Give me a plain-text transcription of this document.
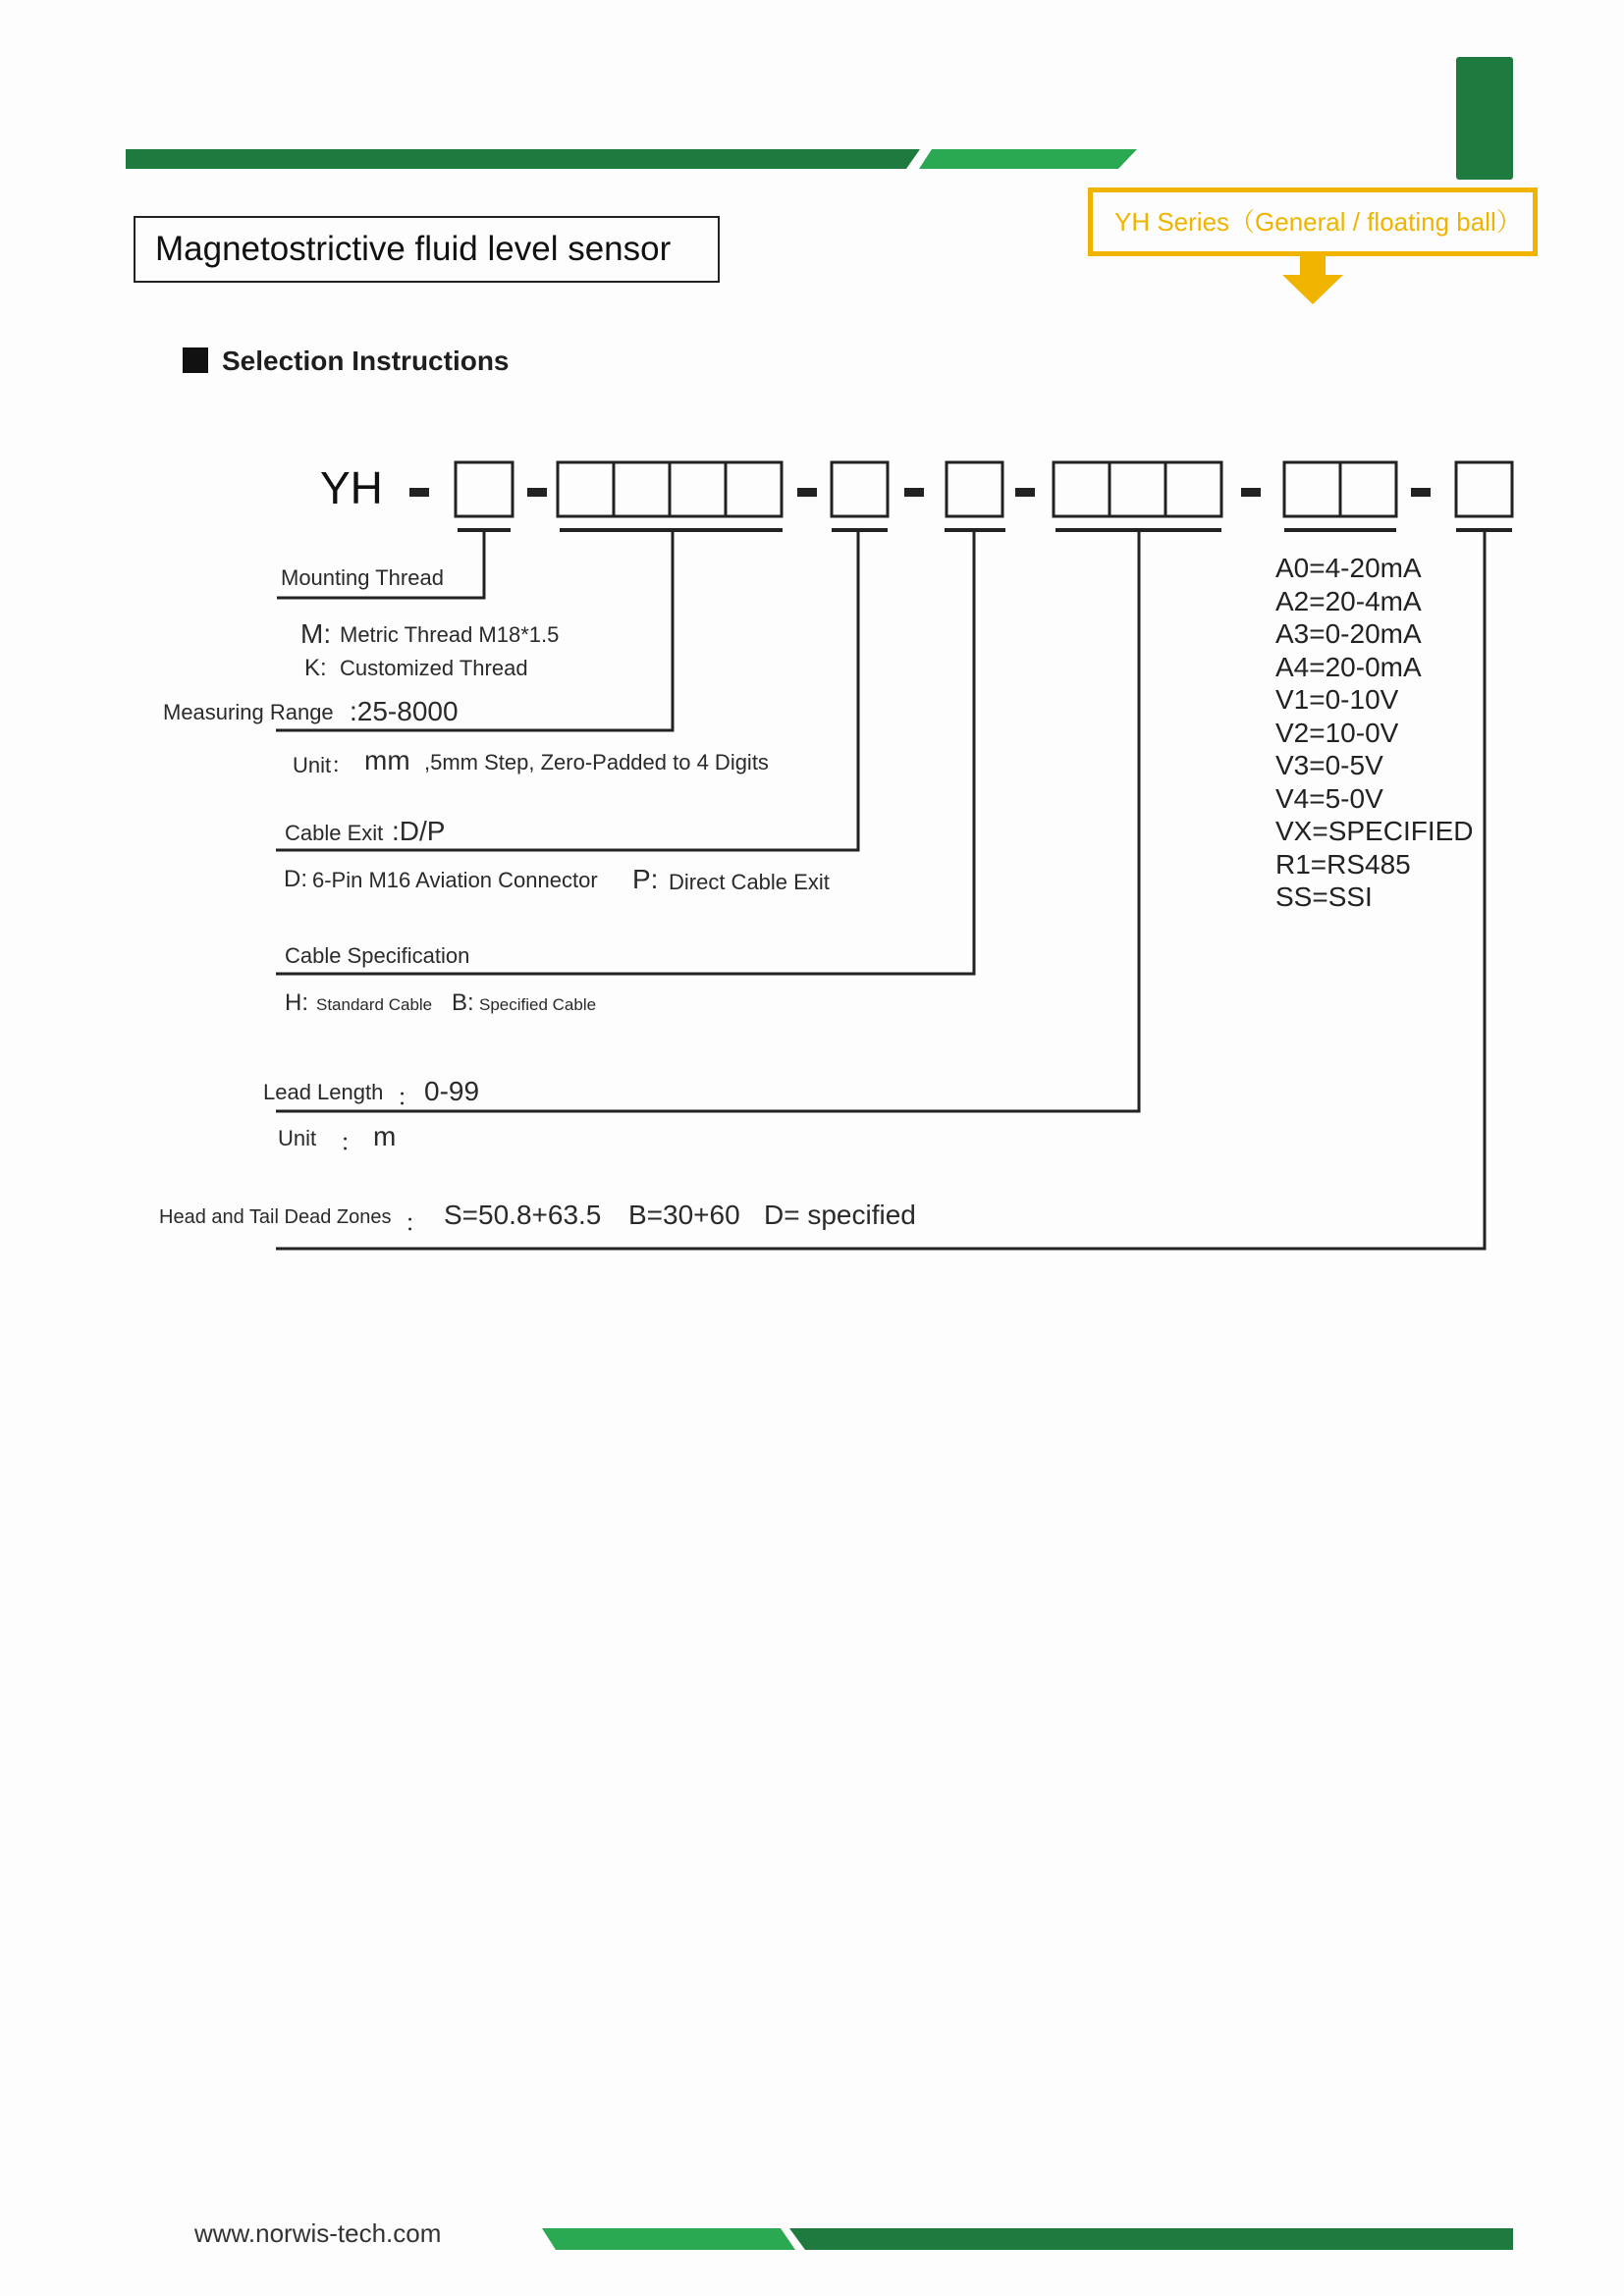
Magnetostrictive fluid level sensor
YH Series（General / floating ball）
Selection Instructions
YH
Mounting Thread
M: Metric Thread M18*1.5
K: Customized Thread
Measuring Range :25-8000
Unit： mm ,5mm Step, Zero-Padded to 4 Digits
Cable Exit :D/P
D: 6-Pin M16 Aviation Connector P: Direct Cable Exit
Cable Specification
H: Standard Cable B: Specified Cable
Lead Length ： 0-99
Unit ： m
Head and Tail Dead Zones ： S=50.8+63.5 B=30+60 D= specified
A0=4-20mA
A2=20-4mA
A3=0-20mA
A4=20-0mA
V1=0-10V
V2=10-0V
V3=0-5V
V4=5-0V
VX=SPECIFIED
R1=RS485
SS=SSI
www.norwis-tech.com
